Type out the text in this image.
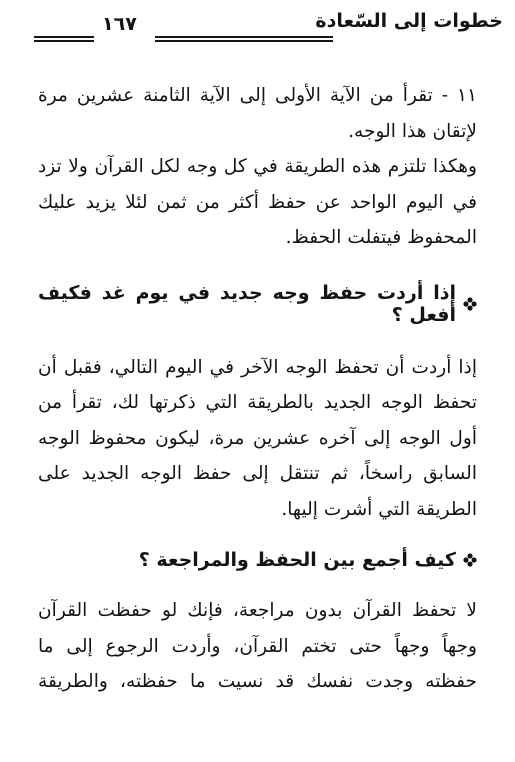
خطوات إلى السّعادة
١٦٧

١١ - تقرأ من الآية الأولى إلى الآية الثامنة عشرين مرة

لإتقان هذا الوجه.

وهكذا تلتزم هذه الطريقة في كل وجه لكل القرآن ولا تزد في اليوم الواحد عن حفظ أكثر من ثمن لئلا يزيد عليك المحفوظ فيتفلت الحفظ.

إذا أردت حفظ وجه جديد في يوم غد فكيف أفعل ؟

إذا أردت أن تحفظ الوجه الآخر في اليوم التالي، فقبل أن تحفظ الوجه الجديد بالطريقة التي ذكرتها لك، تقرأ من أول الوجه إلى آخره عشرين مرة، ليكون محفوظ الوجه السابق راسخاً، ثم تنتقل إلى حفظ الوجه الجديد على الطريقة التي أشرت إليها.

كيف أجمع بين الحفظ والمراجعة ؟

لا تحفظ القرآن بدون مراجعة، فإنك لو حفظت القرآن وجهاً وجهاً حتى تختم القرآن، وأردت الرجوع إلى ما حفظته وجدت نفسك قد نسيت ما حفظته، والطريقة
